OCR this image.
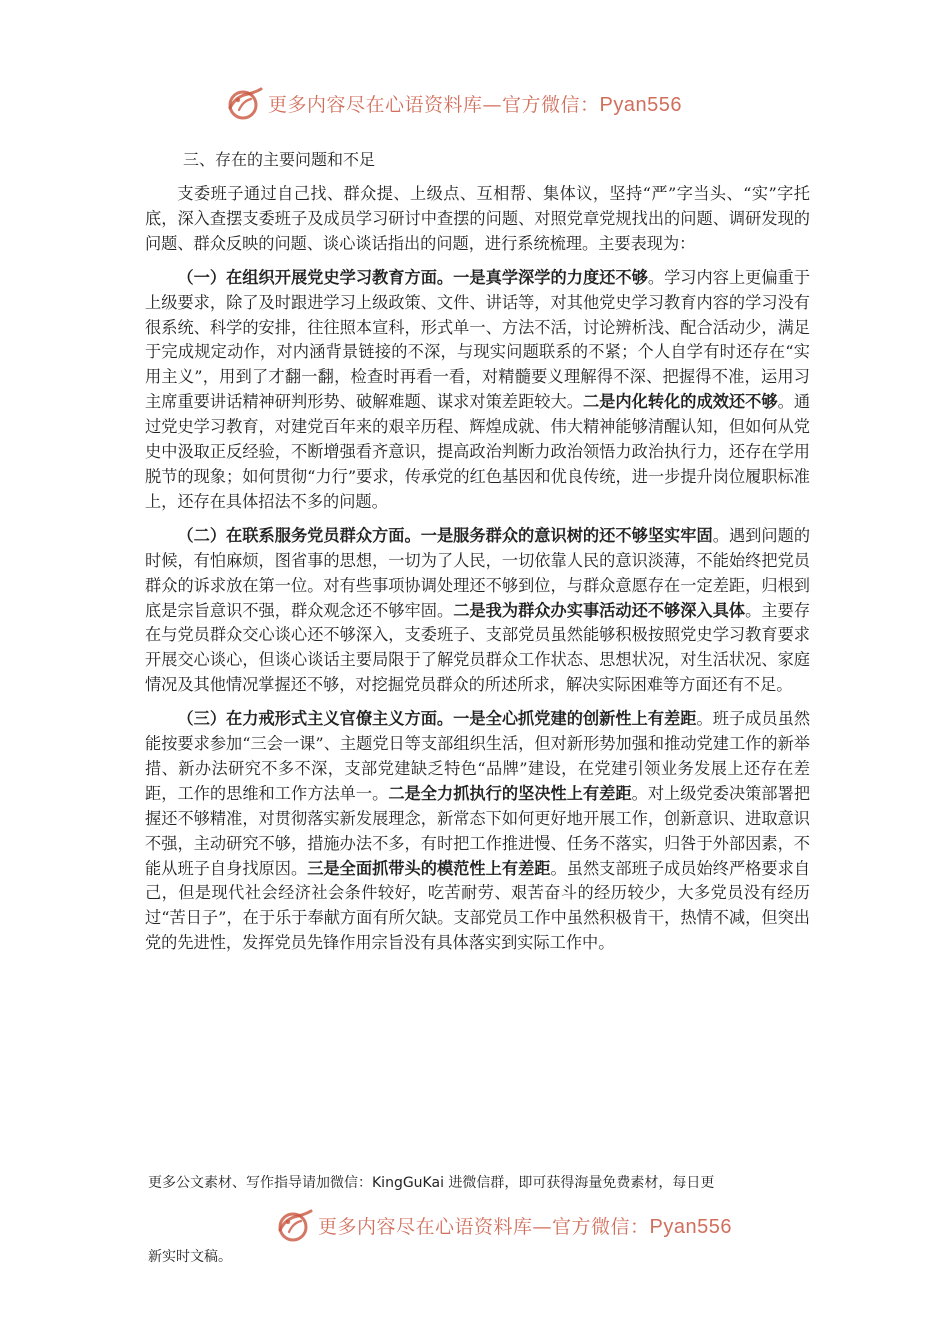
更多内容尽在心语资料库—官方微信：Pyan556
三、存在的主要问题和不足

支委班子通过自己找、群众提、上级点、互相帮、集体议，坚持“严”字当头、“实”字托底，深入查摆支委班子及成员学习研讨中查摆的问题、对照党章党规找出的问题、调研发现的问题、群众反映的问题、谈心谈话指出的问题，进行系统梳理。主要表现为：

（一）在组织开展党史学习教育方面。一是真学深学的力度还不够。学习内容上更偏重于上级要求，除了及时跟进学习上级政策、文件、讲话等，对其他党史学习教育内容的学习没有很系统、科学的安排，往往照本宣科，形式单一、方法不活，讨论辨析浅、配合活动少，满足于完成规定动作，对内涵背景链接的不深，与现实问题联系的不紧；个人自学有时还存在“实用主义”，用到了才翻一翻，检查时再看一看，对精髓要义理解得不深、把握得不准，运用习主席重要讲话精神研判形势、破解难题、谋求对策差距较大。二是内化转化的成效还不够。通过党史学习教育，对建党百年来的艰辛历程、辉煌成就、伟大精神能够清醒认知，但如何从党史中汲取正反经验，不断增强看齐意识，提高政治判断力政治领悟力政治执行力，还存在学用脱节的现象；如何贯彻“力行”要求，传承党的红色基因和优良传统，进一步提升岗位履职标准上，还存在具体招法不多的问题。

（二）在联系服务党员群众方面。一是服务群众的意识树的还不够坚实牢固。遇到问题的时候，有怕麻烦，图省事的思想，一切为了人民，一切依靠人民的意识淡薄，不能始终把党员群众的诉求放在第一位。对有些事项协调处理还不够到位，与群众意愿存在一定差距，归根到底是宗旨意识不强，群众观念还不够牢固。二是我为群众办实事活动还不够深入具体。主要存在与党员群众交心谈心还不够深入，支委班子、支部党员虽然能够积极按照党史学习教育要求开展交心谈心，但谈心谈话主要局限于了解党员群众工作状态、思想状况，对生活状况、家庭情况及其他情况掌握还不够，对挖掘党员群众的所述所求，解决实际困难等方面还有不足。

（三）在力戒形式主义官僚主义方面。一是全心抓党建的创新性上有差距。班子成员虽然能按要求参加“三会一课”、主题党日等支部组织生活，但对新形势加强和推动党建工作的新举措、新办法研究不多不深，支部党建缺乏特色“品牌”建设，在党建引领业务发展上还存在差距，工作的思维和工作方法单一。二是全力抓执行的坚决性上有差距。对上级党委决策部署把握还不够精准，对贯彻落实新发展理念，新常态下如何更好地开展工作，创新意识、进取意识不强，主动研究不够，措施办法不多，有时把工作推进慢、任务不落实，归咎于外部因素，不能从班子自身找原因。三是全面抓带头的模范性上有差距。虽然支部班子成员始终严格要求自己，但是现代社会经济社会条件较好，吃苦耐劳、艰苦奋斗的经历较少，大多党员没有经历过“苦日子”，在于乐于奉献方面有所欠缺。支部党员工作中虽然积极肯干，热情不减，但突出党的先进性，发挥党员先锋作用宗旨没有具体落实到实际工作中。

更多公文素材、写作指导请加微信：KingGuKai 进微信群，即可获得海量免费素材，每日更
更多内容尽在心语资料库—官方微信：Pyan556
新实时文稿。
